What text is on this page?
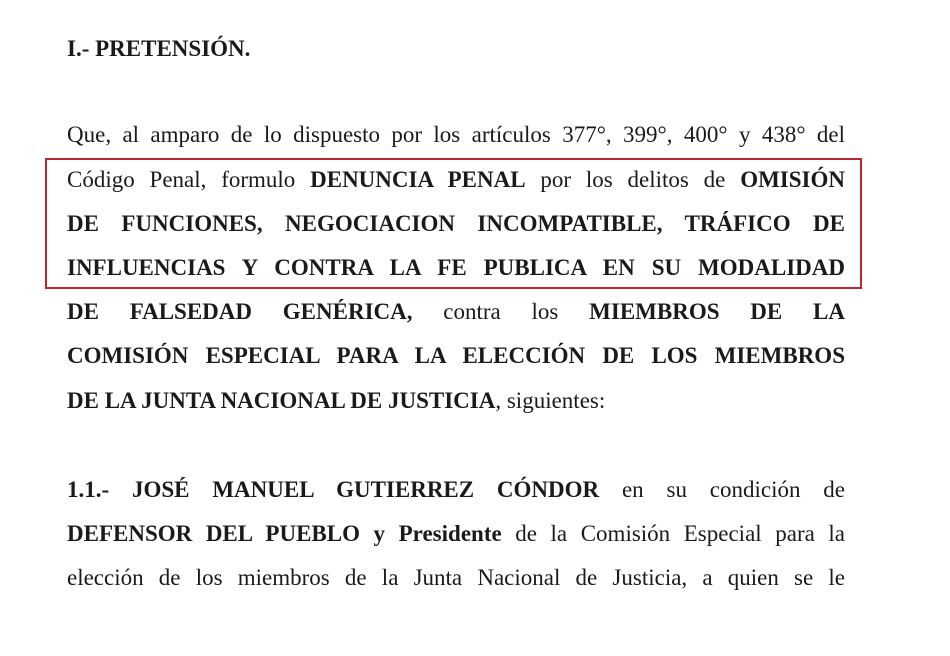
I.- PRETENSIÓN.
Que, al amparo de lo dispuesto por los artículos 377°, 399°, 400° y 438° del
Código Penal, formulo DENUNCIA PENAL por los delitos de OMISIÓN
DE FUNCIONES, NEGOCIACION INCOMPATIBLE, TRÁFICO DE
INFLUENCIAS Y CONTRA LA FE PUBLICA EN SU MODALIDAD
DE FALSEDAD GENÉRICA, contra los MIEMBROS DE LA
COMISIÓN ESPECIAL PARA LA ELECCIÓN DE LOS MIEMBROS
DE LA JUNTA NACIONAL DE JUSTICIA, siguientes:
1.1.- JOSÉ MANUEL GUTIERREZ CÓNDOR en su condición de
DEFENSOR DEL PUEBLO y Presidente de la Comisión Especial para la
elección de los miembros de la Junta Nacional de Justicia, a quien se le
